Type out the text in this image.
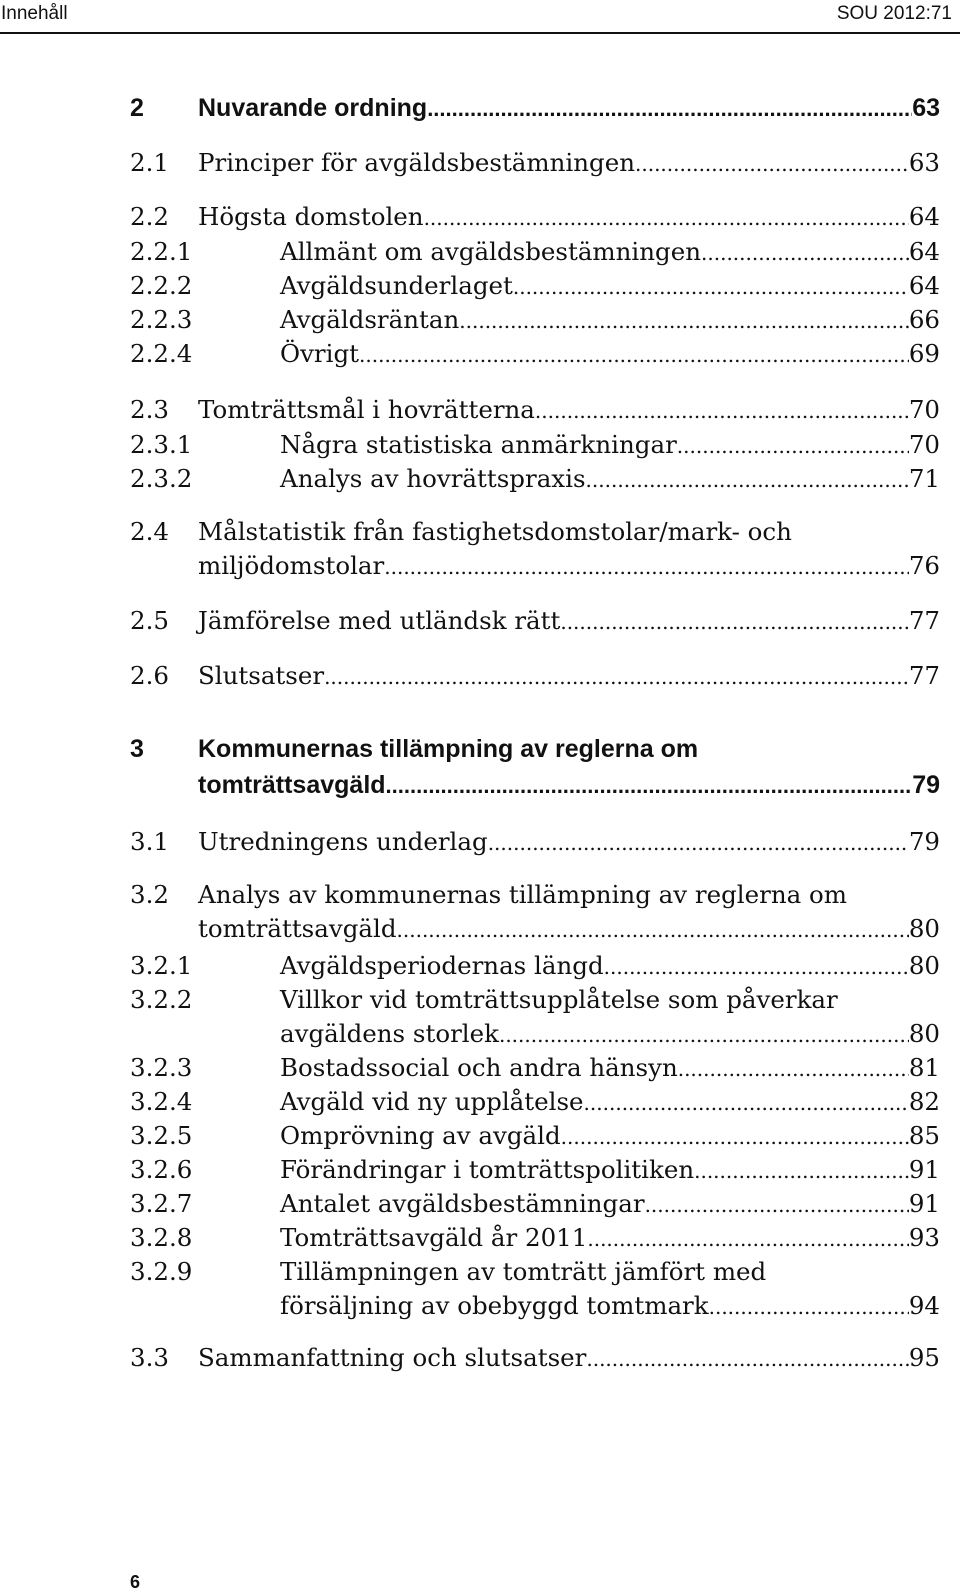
Innehåll	SOU 2012:71
2 Nuvarande ordning .....	63
2.1 Principer för avgäldsbestämningen .....	63
2.2 Högsta domstolen .....	64
2.2.1	Allmänt om avgäldsbestämningen .....	64
2.2.2	Avgäldsunderlaget .....	64
2.2.3	Avgäldsräntan .....	66
2.2.4	Övrigt .....	69
2.3 Tomträttsmål i hovrätterna .....	70
2.3.1	Några statistiska anmärkningar .....	70
2.3.2	Analys av hovrättspraxis .....	71
2.4 Målstatistik från fastighetsdomstolar/mark- och
miljödomstolar .....	76
2.5 Jämförelse med utländsk rätt .....	77
2.6 Slutsatser .....	77
3 Kommunernas tillämpning av reglerna om
tomträttsavgäld .....	79
3.1 Utredningens underlag .....	79
3.2 Analys av kommunernas tillämpning av reglerna om
tomträttsavgäld .....	80
3.2.1	Avgäldsperiodernas längd .....	80
3.2.2	Villkor vid tomträttsupplåtelse som påverkar
avgäldens storlek .....	80
3.2.3	Bostadssocial och andra hänsyn .....	81
3.2.4	Avgäld vid ny upplåtelse .....	82
3.2.5	Omprövning av avgäld .....	85
3.2.6	Förändringar i tomträttspolitiken .....	91
3.2.7	Antalet avgäldsbestämningar .....	91
3.2.8	Tomträttsavgäld år 2011 .....	93
3.2.9	Tillämpningen av tomträtt jämfört med
försäljning av obebyggd tomtmark .....	94
3.3 Sammanfattning och slutsatser .....	95
6
